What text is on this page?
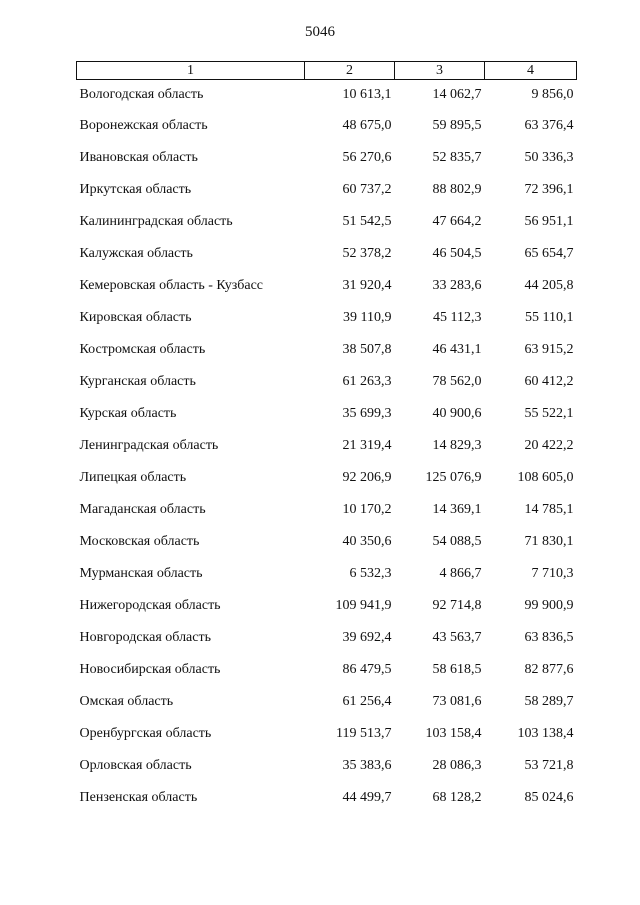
5046
1	2	3	4
Вологодская область	10 613,1	14 062,7	9 856,0
Воронежская область	48 675,0	59 895,5	63 376,4
Ивановская область	56 270,6	52 835,7	50 336,3
Иркутская область	60 737,2	88 802,9	72 396,1
Калининградская область	51 542,5	47 664,2	56 951,1
Калужская область	52 378,2	46 504,5	65 654,7
Кемеровская область - Кузбасс	31 920,4	33 283,6	44 205,8
Кировская область	39 110,9	45 112,3	55 110,1
Костромская область	38 507,8	46 431,1	63 915,2
Курганская область	61 263,3	78 562,0	60 412,2
Курская область	35 699,3	40 900,6	55 522,1
Ленинградская область	21 319,4	14 829,3	20 422,2
Липецкая область	92 206,9	125 076,9	108 605,0
Магаданская область	10 170,2	14 369,1	14 785,1
Московская область	40 350,6	54 088,5	71 830,1
Мурманская область	6 532,3	4 866,7	7 710,3
Нижегородская область	109 941,9	92 714,8	99 900,9
Новгородская область	39 692,4	43 563,7	63 836,5
Новосибирская область	86 479,5	58 618,5	82 877,6
Омская область	61 256,4	73 081,6	58 289,7
Оренбургская область	119 513,7	103 158,4	103 138,4
Орловская область	35 383,6	28 086,3	53 721,8
Пензенская область	44 499,7	68 128,2	85 024,6
